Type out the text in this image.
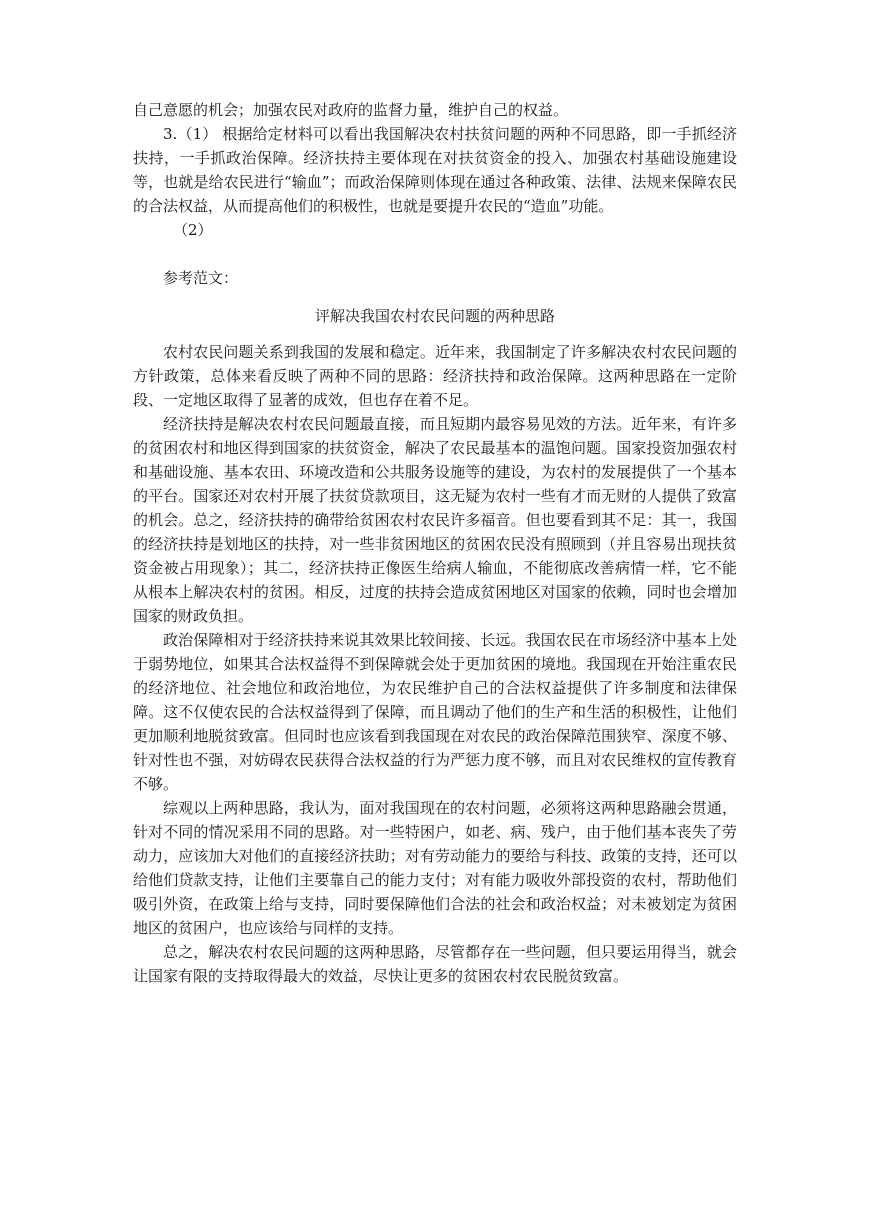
自己意愿的机会；加强农民对政府的监督力量，维护自己的权益。

3.（1） 根据给定材料可以看出我国解决农村扶贫问题的两种不同思路，即一手抓经济扶持，一手抓政治保障。经济扶持主要体现在对扶贫资金的投入、加强农村基础设施建设等，也就是给农民进行“输血”；而政治保障则体现在通过各种政策、法律、法规来保障农民的合法权益，从而提高他们的积极性，也就是要提升农民的“造血”功能。

（2）

参考范文：

评解决我国农村农民问题的两种思路

农村农民问题关系到我国的发展和稳定。近年来，我国制定了许多解决农村农民问题的方针政策，总体来看反映了两种不同的思路：经济扶持和政治保障。这两种思路在一定阶段、一定地区取得了显著的成效，但也存在着不足。

经济扶持是解决农村农民问题最直接，而且短期内最容易见效的方法。近年来，有许多的贫困农村和地区得到国家的扶贫资金，解决了农民最基本的温饱问题。国家投资加强农村和基础设施、基本农田、环境改造和公共服务设施等的建设，为农村的发展提供了一个基本的平台。国家还对农村开展了扶贫贷款项目，这无疑为农村一些有才而无财的人提供了致富的机会。总之，经济扶持的确带给贫困农村农民许多福音。但也要看到其不足：其一，我国的经济扶持是划地区的扶持，对一些非贫困地区的贫困农民没有照顾到（并且容易出现扶贫资金被占用现象）；其二，经济扶持正像医生给病人输血，不能彻底改善病情一样，它不能从根本上解决农村的贫困。相反，过度的扶持会造成贫困地区对国家的依赖，同时也会增加国家的财政负担。

政治保障相对于经济扶持来说其效果比较间接、长远。我国农民在市场经济中基本上处于弱势地位，如果其合法权益得不到保障就会处于更加贫困的境地。我国现在开始注重农民的经济地位、社会地位和政治地位，为农民维护自己的合法权益提供了许多制度和法律保障。这不仅使农民的合法权益得到了保障，而且调动了他们的生产和生活的积极性，让他们更加顺利地脱贫致富。但同时也应该看到我国现在对农民的政治保障范围狭窄、深度不够、针对性也不强，对妨碍农民获得合法权益的行为严惩力度不够，而且对农民维权的宣传教育不够。

综观以上两种思路，我认为，面对我国现在的农村问题，必须将这两种思路融会贯通，针对不同的情况采用不同的思路。对一些特困户，如老、病、残户，由于他们基本丧失了劳动力，应该加大对他们的直接经济扶助；对有劳动能力的要给与科技、政策的支持，还可以给他们贷款支持，让他们主要靠自己的能力支付；对有能力吸收外部投资的农村，帮助他们吸引外资，在政策上给与支持，同时要保障他们合法的社会和政治权益；对未被划定为贫困地区的贫困户，也应该给与同样的支持。

总之，解决农村农民问题的这两种思路，尽管都存在一些问题，但只要运用得当，就会让国家有限的支持取得最大的效益，尽快让更多的贫困农村农民脱贫致富。
